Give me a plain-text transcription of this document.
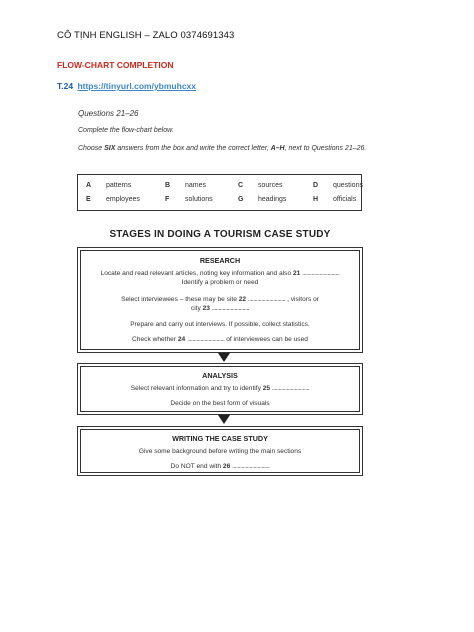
CÔ TỊNH ENGLISH – ZALO 0374691343
FLOW-CHART COMPLETION
T.24 https://tinyurl.com/ybmuhcxx
Questions 21–26
Complete the flow-chart below.
Choose SIX answers from the box and write the correct letter, A–H, next to Questions 21–26.
A patterns	B names	C sources	D questions
E employees	F solutions	G headings	H officials
STAGES IN DOING A TOURISM CASE STUDY
RESEARCH
Locate and read relevant articles, noting key information and also 21 ............................
Identify a problem or need
Select interviewees – these may be site 22 ............................ , visitors or
city 23 ............................
Prepare and carry out interviews. If possible, collect statistics.
Check whether 24 ............................ of interviewees can be used
ANALYSIS
Select relevant information and try to identify 25 ............................
Decide on the best form of visuals
WRITING THE CASE STUDY
Give some background before writing the main sections
Do NOT end with 26 ............................
